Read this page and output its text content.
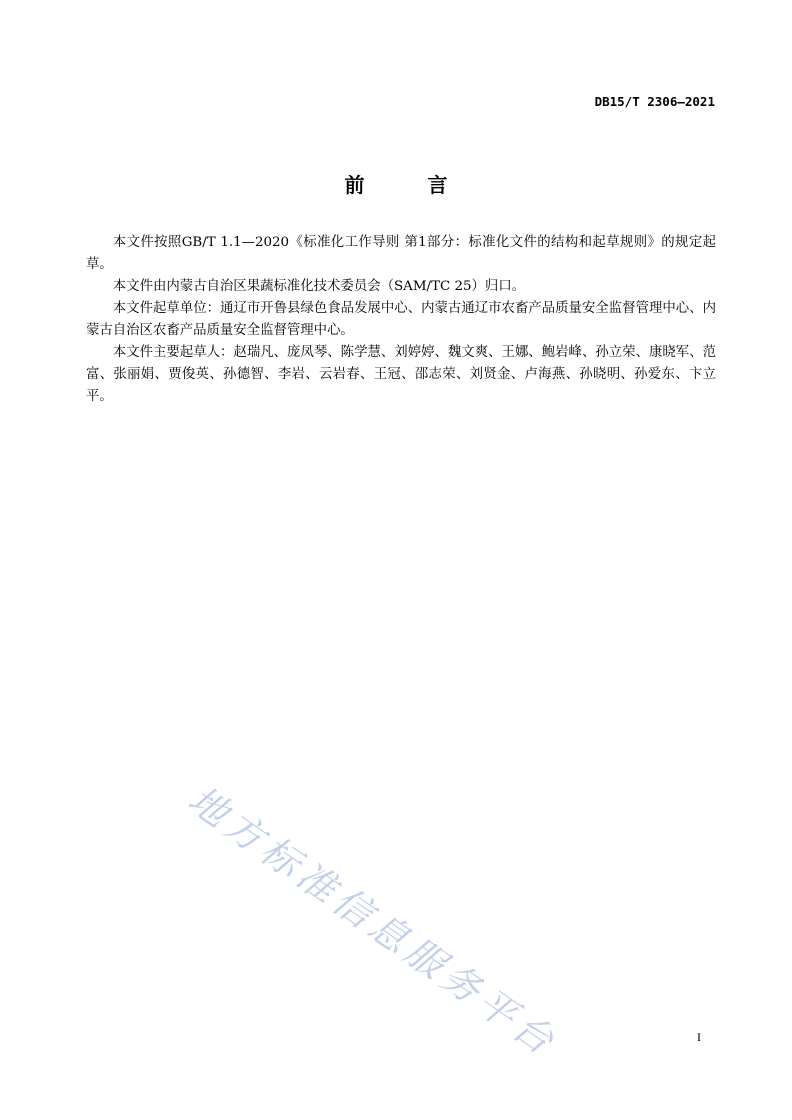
DB15/T 2306—2021
前 言

本文件按照GB/T 1.1—2020《标准化工作导则 第1部分：标准化文件的结构和起草规则》的规定起草。

本文件由内蒙古自治区果蔬标准化技术委员会（SAM/TC 25）归口。

本文件起草单位：通辽市开鲁县绿色食品发展中心、内蒙古通辽市农畜产品质量安全监督管理中心、内蒙古自治区农畜产品质量安全监督管理中心。

本文件主要起草人：赵瑞凡、庞凤琴、陈学慧、刘婷婷、魏文爽、王娜、鲍岩峰、孙立荣、康晓军、范富、张丽娟、贾俊英、孙德智、李岩、云岩春、王冠、邵志荣、刘贤金、卢海燕、孙晓明、孙爱东、卞立平。

地方标准信息服务平台	I
